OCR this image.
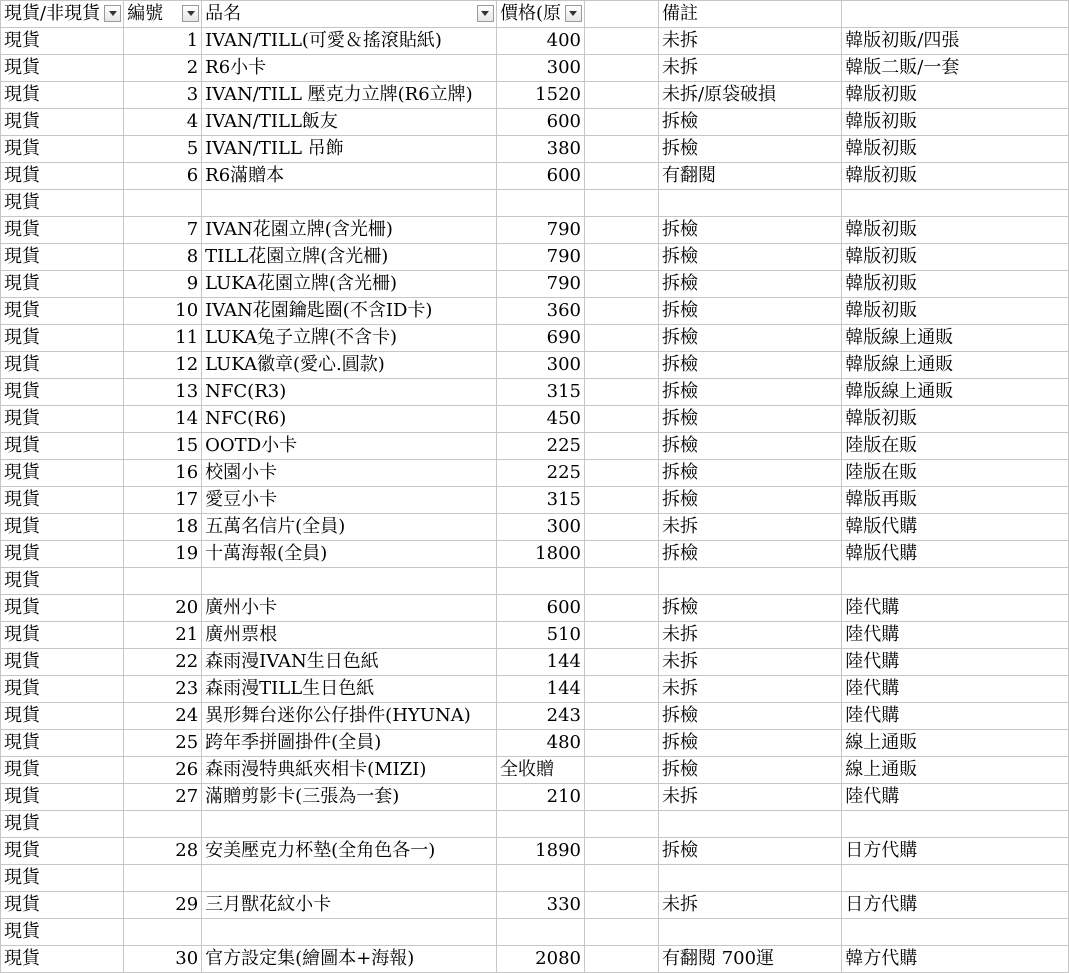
現貨/非現貨	編號	品名	價格(原		備註	
現貨	1	IVAN/TILL(可愛＆搖滾貼紙)	400		未拆	韓版初販/四張
現貨	2	R6小卡	300		未拆	韓版二販/一套
現貨	3	IVAN/TILL 壓克力立牌(R6立牌)	1520		未拆/原袋破損	韓版初販
現貨	4	IVAN/TILL飯友	600		拆檢	韓版初販
現貨	5	IVAN/TILL 吊飾	380		拆檢	韓版初販
現貨	6	R6滿贈本	600		有翻閱	韓版初販
現貨						
現貨	7	IVAN花園立牌(含光柵)	790		拆檢	韓版初販
現貨	8	TILL花園立牌(含光柵)	790		拆檢	韓版初販
現貨	9	LUKA花園立牌(含光柵)	790		拆檢	韓版初販
現貨	10	IVAN花園鑰匙圈(不含ID卡)	360		拆檢	韓版初販
現貨	11	LUKA兔子立牌(不含卡)	690		拆檢	韓版線上通販
現貨	12	LUKA徽章(愛心.圓款)	300		拆檢	韓版線上通販
現貨	13	NFC(R3)	315		拆檢	韓版線上通販
現貨	14	NFC(R6)	450		拆檢	韓版初販
現貨	15	OOTD小卡	225		拆檢	陸版在販
現貨	16	校園小卡	225		拆檢	陸版在販
現貨	17	愛豆小卡	315		拆檢	韓版再販
現貨	18	五萬名信片(全員)	300		未拆	韓版代購
現貨	19	十萬海報(全員)	1800		拆檢	韓版代購
現貨						
現貨	20	廣州小卡	600		拆檢	陸代購
現貨	21	廣州票根	510		未拆	陸代購
現貨	22	森雨漫IVAN生日色紙	144		未拆	陸代購
現貨	23	森雨漫TILL生日色紙	144		未拆	陸代購
現貨	24	異形舞台迷你公仔掛件(HYUNA)	243		拆檢	陸代購
現貨	25	跨年季拼圖掛件(全員)	480		拆檢	線上通販
現貨	26	森雨漫特典紙夾相卡(MIZI)	全收贈		拆檢	線上通販
現貨	27	滿贈剪影卡(三張為一套)	210		未拆	陸代購
現貨						
現貨	28	安美壓克力杯墊(全角色各一)	1890		拆檢	日方代購
現貨						
現貨	29	三月獸花紋小卡	330		未拆	日方代購
現貨						
現貨	30	官方設定集(繪圖本+海報)	2080		有翻閱 700運	韓方代購
